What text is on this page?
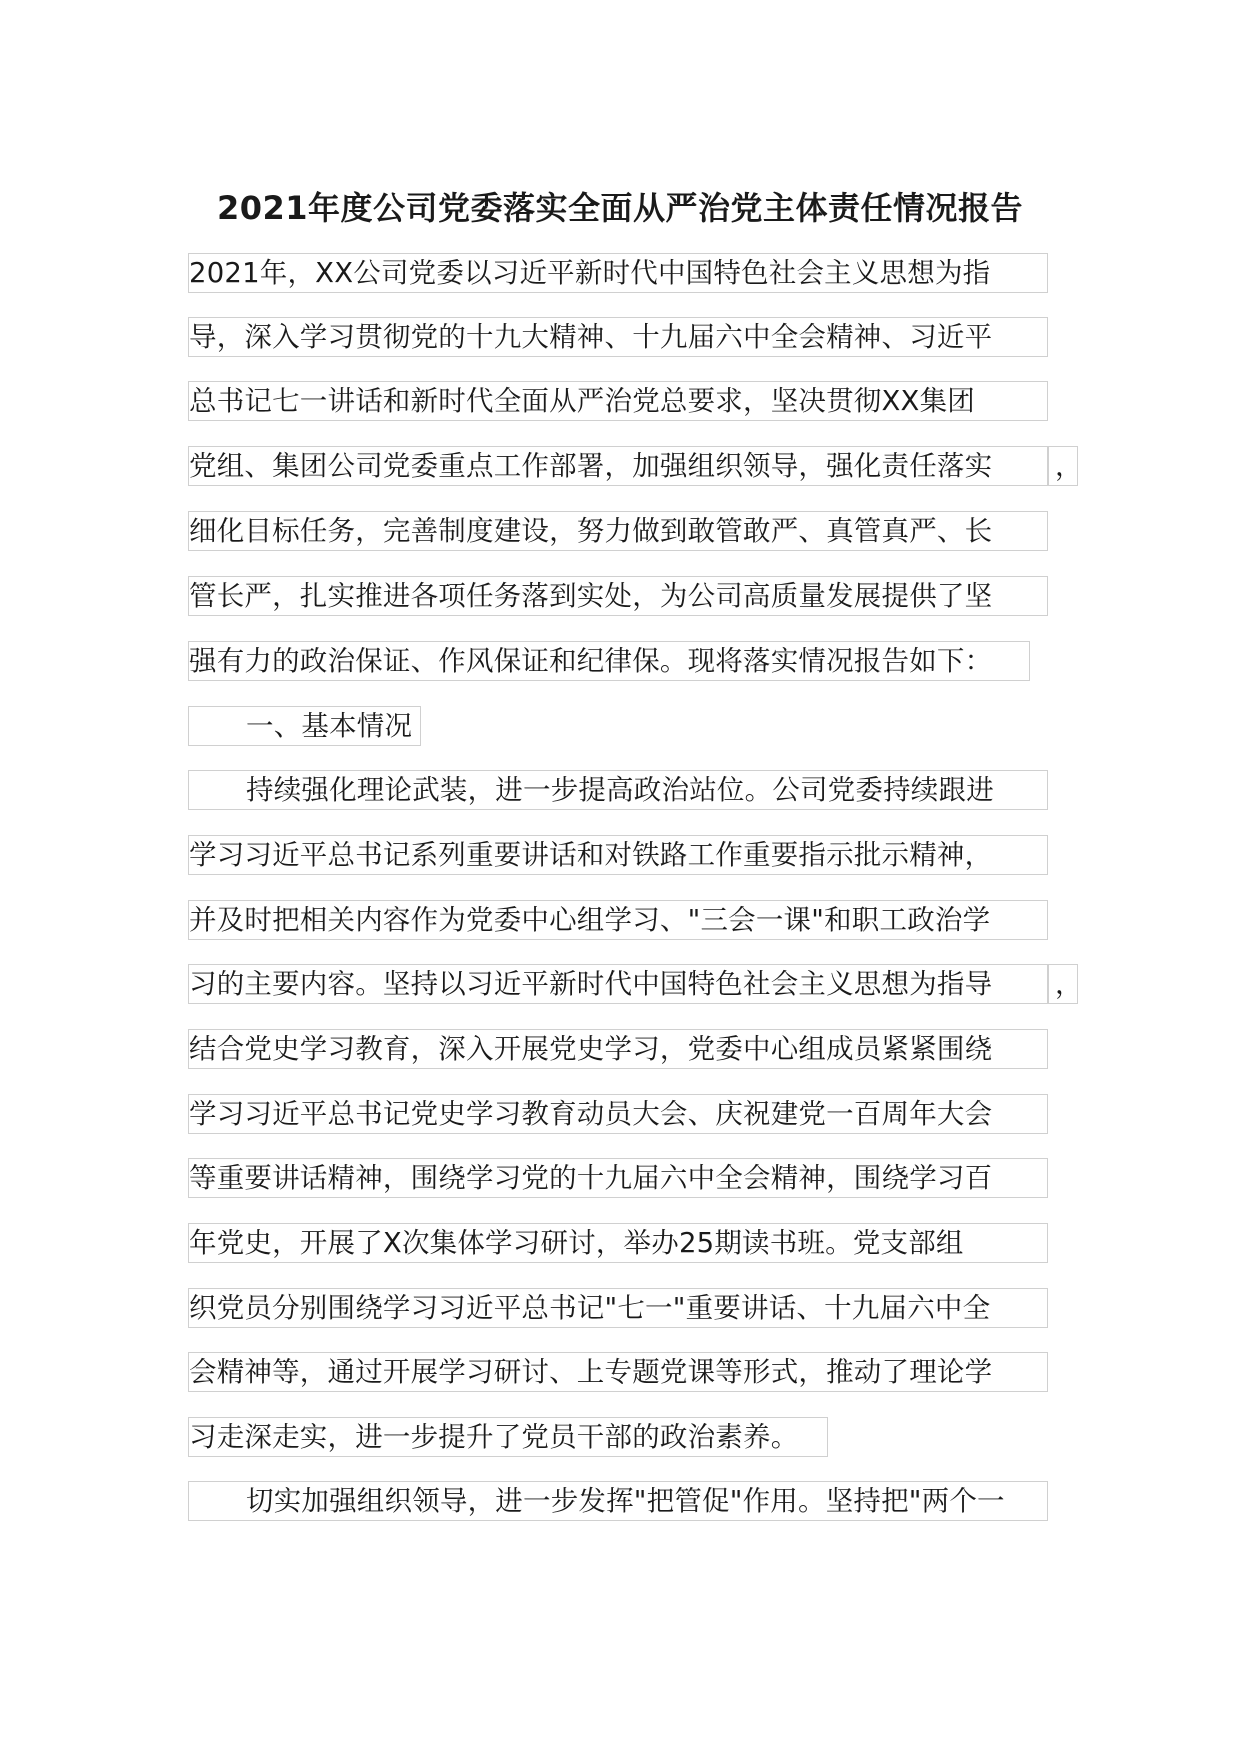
2021年度公司党委落实全面从严治党主体责任情况报告
2021年，XX公司党委以习近平新时代中国特色社会主义思想为指
导，深入学习贯彻党的十九大精神、十九届六中全会精神、习近平
总书记七一讲话和新时代全面从严治党总要求，坚决贯彻XX集团
党组、集团公司党委重点工作部署，加强组织领导，强化责任落实	，
细化目标任务，完善制度建设，努力做到敢管敢严、真管真严、长
管长严，扎实推进各项任务落到实处，为公司高质量发展提供了坚
强有力的政治保证、作风保证和纪律保。现将落实情况报告如下：
一、基本情况
持续强化理论武装，进一步提高政治站位。公司党委持续跟进
学习习近平总书记系列重要讲话和对铁路工作重要指示批示精神，
并及时把相关内容作为党委中心组学习、"三会一课"和职工政治学
习的主要内容。坚持以习近平新时代中国特色社会主义思想为指导	，
结合党史学习教育，深入开展党史学习，党委中心组成员紧紧围绕
学习习近平总书记党史学习教育动员大会、庆祝建党一百周年大会
等重要讲话精神，围绕学习党的十九届六中全会精神，围绕学习百
年党史，开展了X次集体学习研讨，举办25期读书班。党支部组
织党员分别围绕学习习近平总书记"七一"重要讲话、十九届六中全
会精神等，通过开展学习研讨、上专题党课等形式，推动了理论学
习走深走实，进一步提升了党员干部的政治素养。
切实加强组织领导，进一步发挥"把管促"作用。坚持把"两个一
